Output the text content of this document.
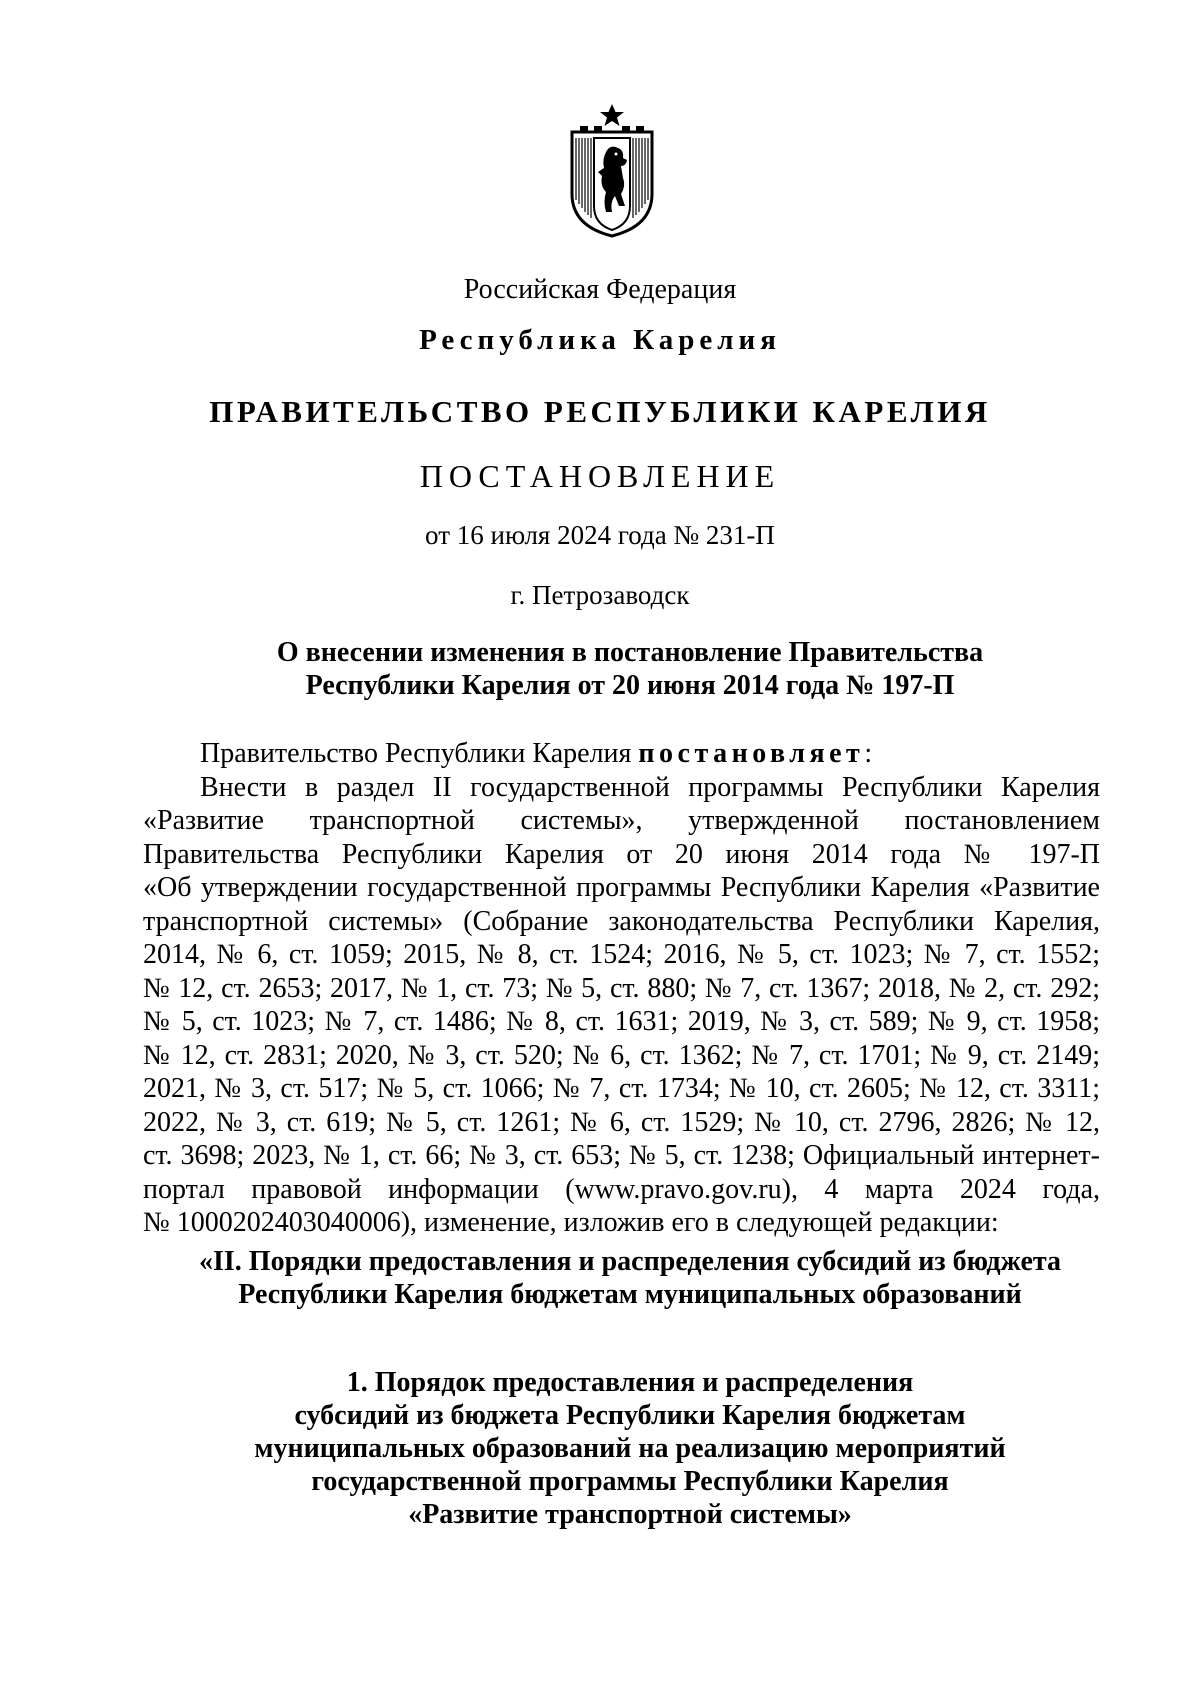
Российская Федерация
Республика Карелия
ПРАВИТЕЛЬСТВО РЕСПУБЛИКИ КАРЕЛИЯ
ПОСТАНОВЛЕНИЕ
от 16 июля 2024 года № 231-П
г. Петрозаводск
О внесении изменения в постановление Правительства
Республики Карелия от 20 июня 2014 года № 197-П
Правительство Республики Карелия постановляет:
Внести в раздел II государственной программы Республики Карелия
«Развитие транспортной системы», утвержденной постановлением
Правительства Республики Карелия от 20 июня 2014 года № 197-П
«Об утверждении государственной программы Республики Карелия «Развитие
транспортной системы» (Собрание законодательства Республики Карелия,
2014, № 6, ст. 1059; 2015, № 8, ст. 1524; 2016, № 5, ст. 1023; № 7, ст. 1552;
№ 12, ст. 2653; 2017, № 1, ст. 73; № 5, ст. 880; № 7, ст. 1367; 2018, № 2, ст. 292;
№ 5, ст. 1023; № 7, ст. 1486; № 8, ст. 1631; 2019, № 3, ст. 589; № 9, ст. 1958;
№ 12, ст. 2831; 2020, № 3, ст. 520; № 6, ст. 1362; № 7, ст. 1701; № 9, ст. 2149;
2021, № 3, ст. 517; № 5, ст. 1066; № 7, ст. 1734; № 10, ст. 2605; № 12, ст. 3311;
2022, № 3, ст. 619; № 5, ст. 1261; № 6, ст. 1529; № 10, ст. 2796, 2826; № 12,
ст. 3698; 2023, № 1, ст. 66; № 3, ст. 653; № 5, ст. 1238; Официальный интернет-
портал правовой информации (www.pravo.gov.ru), 4 марта 2024 года,
№ 1000202403040006), изменение, изложив его в следующей редакции:
«II. Порядки предоставления и распределения субсидий из бюджета
Республики Карелия бюджетам муниципальных образований
1. Порядок предоставления и распределения
субсидий из бюджета Республики Карелия бюджетам
муниципальных образований на реализацию мероприятий
государственной программы Республики Карелия
«Развитие транспортной системы»
